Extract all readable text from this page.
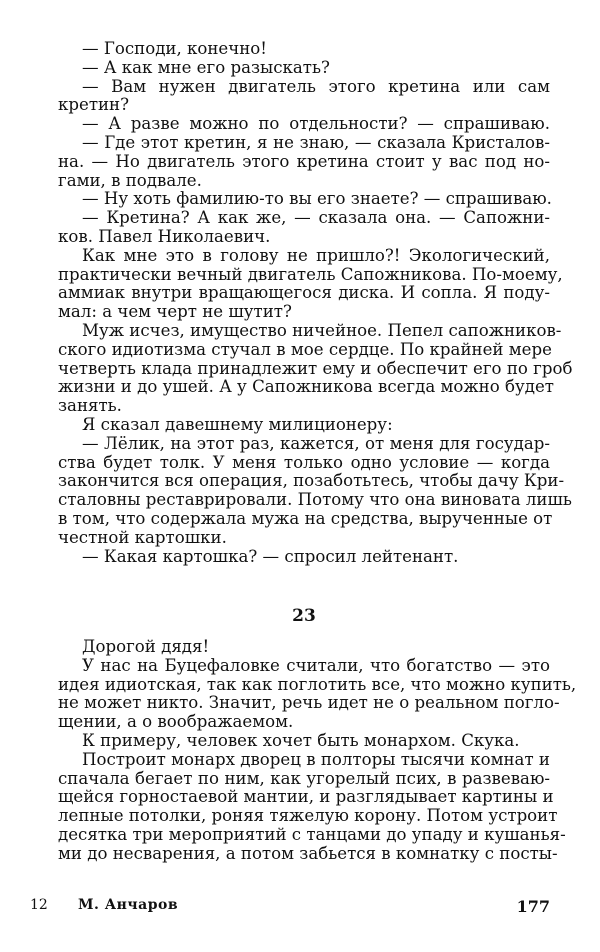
— Господи, конечно!
— А как мне его разыскать?
— Вам нужен двигатель этого кретина или сам
кретин?
— А разве можно по отдельности? — спрашиваю.
— Где этот кретин, я не знаю, — сказала Кристалов-
на. — Но двигатель этого кретина стоит у вас под но-
гами, в подвале.
— Ну хоть фамилию-то вы его знаете? — спрашиваю.
— Кретина? А как же, — сказала она. — Сапожни-
ков. Павел Николаевич.
Как мне это в голову не пришло?! Экологический,
практически вечный двигатель Сапожникова. По-моему,
аммиак внутри вращающегося диска. И сопла. Я поду-
мал: а чем черт не шутит?
Муж исчез, имущество ничейное. Пепел сапожников-
ского идиотизма стучал в мое сердце. По крайней мере
четверть клада принадлежит ему и обеспечит его по гроб
жизни и до ушей. А у Сапожникова всегда можно будет
занять.
Я сказал давешнему милиционеру:
— Лёлик, на этот раз, кажется, от меня для государ-
ства будет толк. У меня только одно условие — когда
закончится вся операция, позаботьтесь, чтобы дачу Кри-
сталовны реставрировали. Потому что она виновата лишь
в том, что содержала мужа на средства, вырученные от
честной картошки.
— Какая картошка? — спросил лейтенант.
23
Дорогой дядя!
У нас на Буцефаловке считали, что богатство — это
идея идиотская, так как поглотить все, что можно купить,
не может никто. Значит, речь идет не о реальном погло-
щении, а о воображаемом.
К примеру, человек хочет быть монархом. Скука.
Построит монарх дворец в полторы тысячи комнат и
спачала бегает по ним, как угорелый псих, в развеваю-
щейся горностаевой мантии, и разглядывает картины и
лепные потолки, роняя тяжелую корону. Потом устроит
десятка три мероприятий с танцами до упаду и кушанья-
ми до несварения, а потом забьется в комнатку с посты-
12 М. Анчаров	177
